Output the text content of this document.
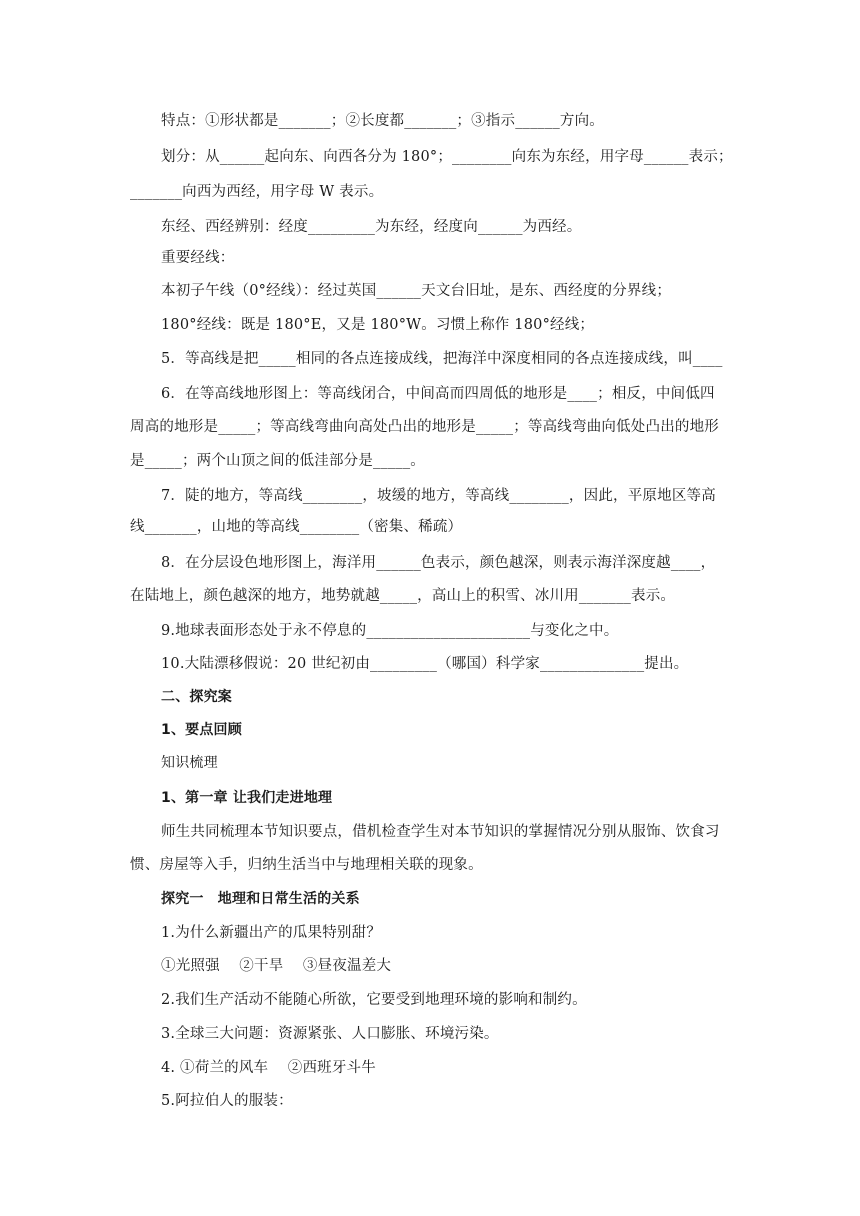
特点：①形状都是_______；②长度都_______；③指示______方向。
划分：从______起向东、向西各分为 180°；________向东为东经，用字母______表示；
_______向西为西经，用字母 W 表示。
东经、西经辨别：经度_________为东经，经度向______为西经。
重要经线：
本初子午线（0°经线）：经过英国______天文台旧址，是东、西经度的分界线；
180°经线：既是 180°E，又是 180°W。习惯上称作 180°经线；
5．等高线是把_____相同的各点连接成线，把海洋中深度相同的各点连接成线，叫____
6．在等高线地形图上：等高线闭合，中间高而四周低的地形是____；相反，中间低四
周高的地形是_____；等高线弯曲向高处凸出的地形是_____；等高线弯曲向低处凸出的地形
是_____；两个山顶之间的低洼部分是_____。
7．陡的地方，等高线________，坡缓的地方，等高线________，因此，平原地区等高
线_______，山地的等高线________（密集、稀疏）
8．在分层设色地形图上，海洋用______色表示，颜色越深，则表示海洋深度越____，
在陆地上，颜色越深的地方，地势就越_____，高山上的积雪、冰川用_______表示。
9.地球表面形态处于永不停息的______________________与变化之中。
10.大陆漂移假说：20 世纪初由_________（哪国）科学家______________提出。
二、探究案
1、要点回顾
知识梳理
1、第一章 让我们走进地理
师生共同梳理本节知识要点，借机检查学生对本节知识的掌握情况分别从服饰、饮食习
惯、房屋等入手，归纳生活当中与地理相关联的现象。
探究一　地理和日常生活的关系
1.为什么新疆出产的瓜果特别甜？
①光照强　 ②干旱　 ③昼夜温差大
2.我们生产活动不能随心所欲，它要受到地理环境的影响和制约。
3.全球三大问题：资源紧张、人口膨胀、环境污染。
4. ①荷兰的风车　 ②西班牙斗牛
5.阿拉伯人的服装：
